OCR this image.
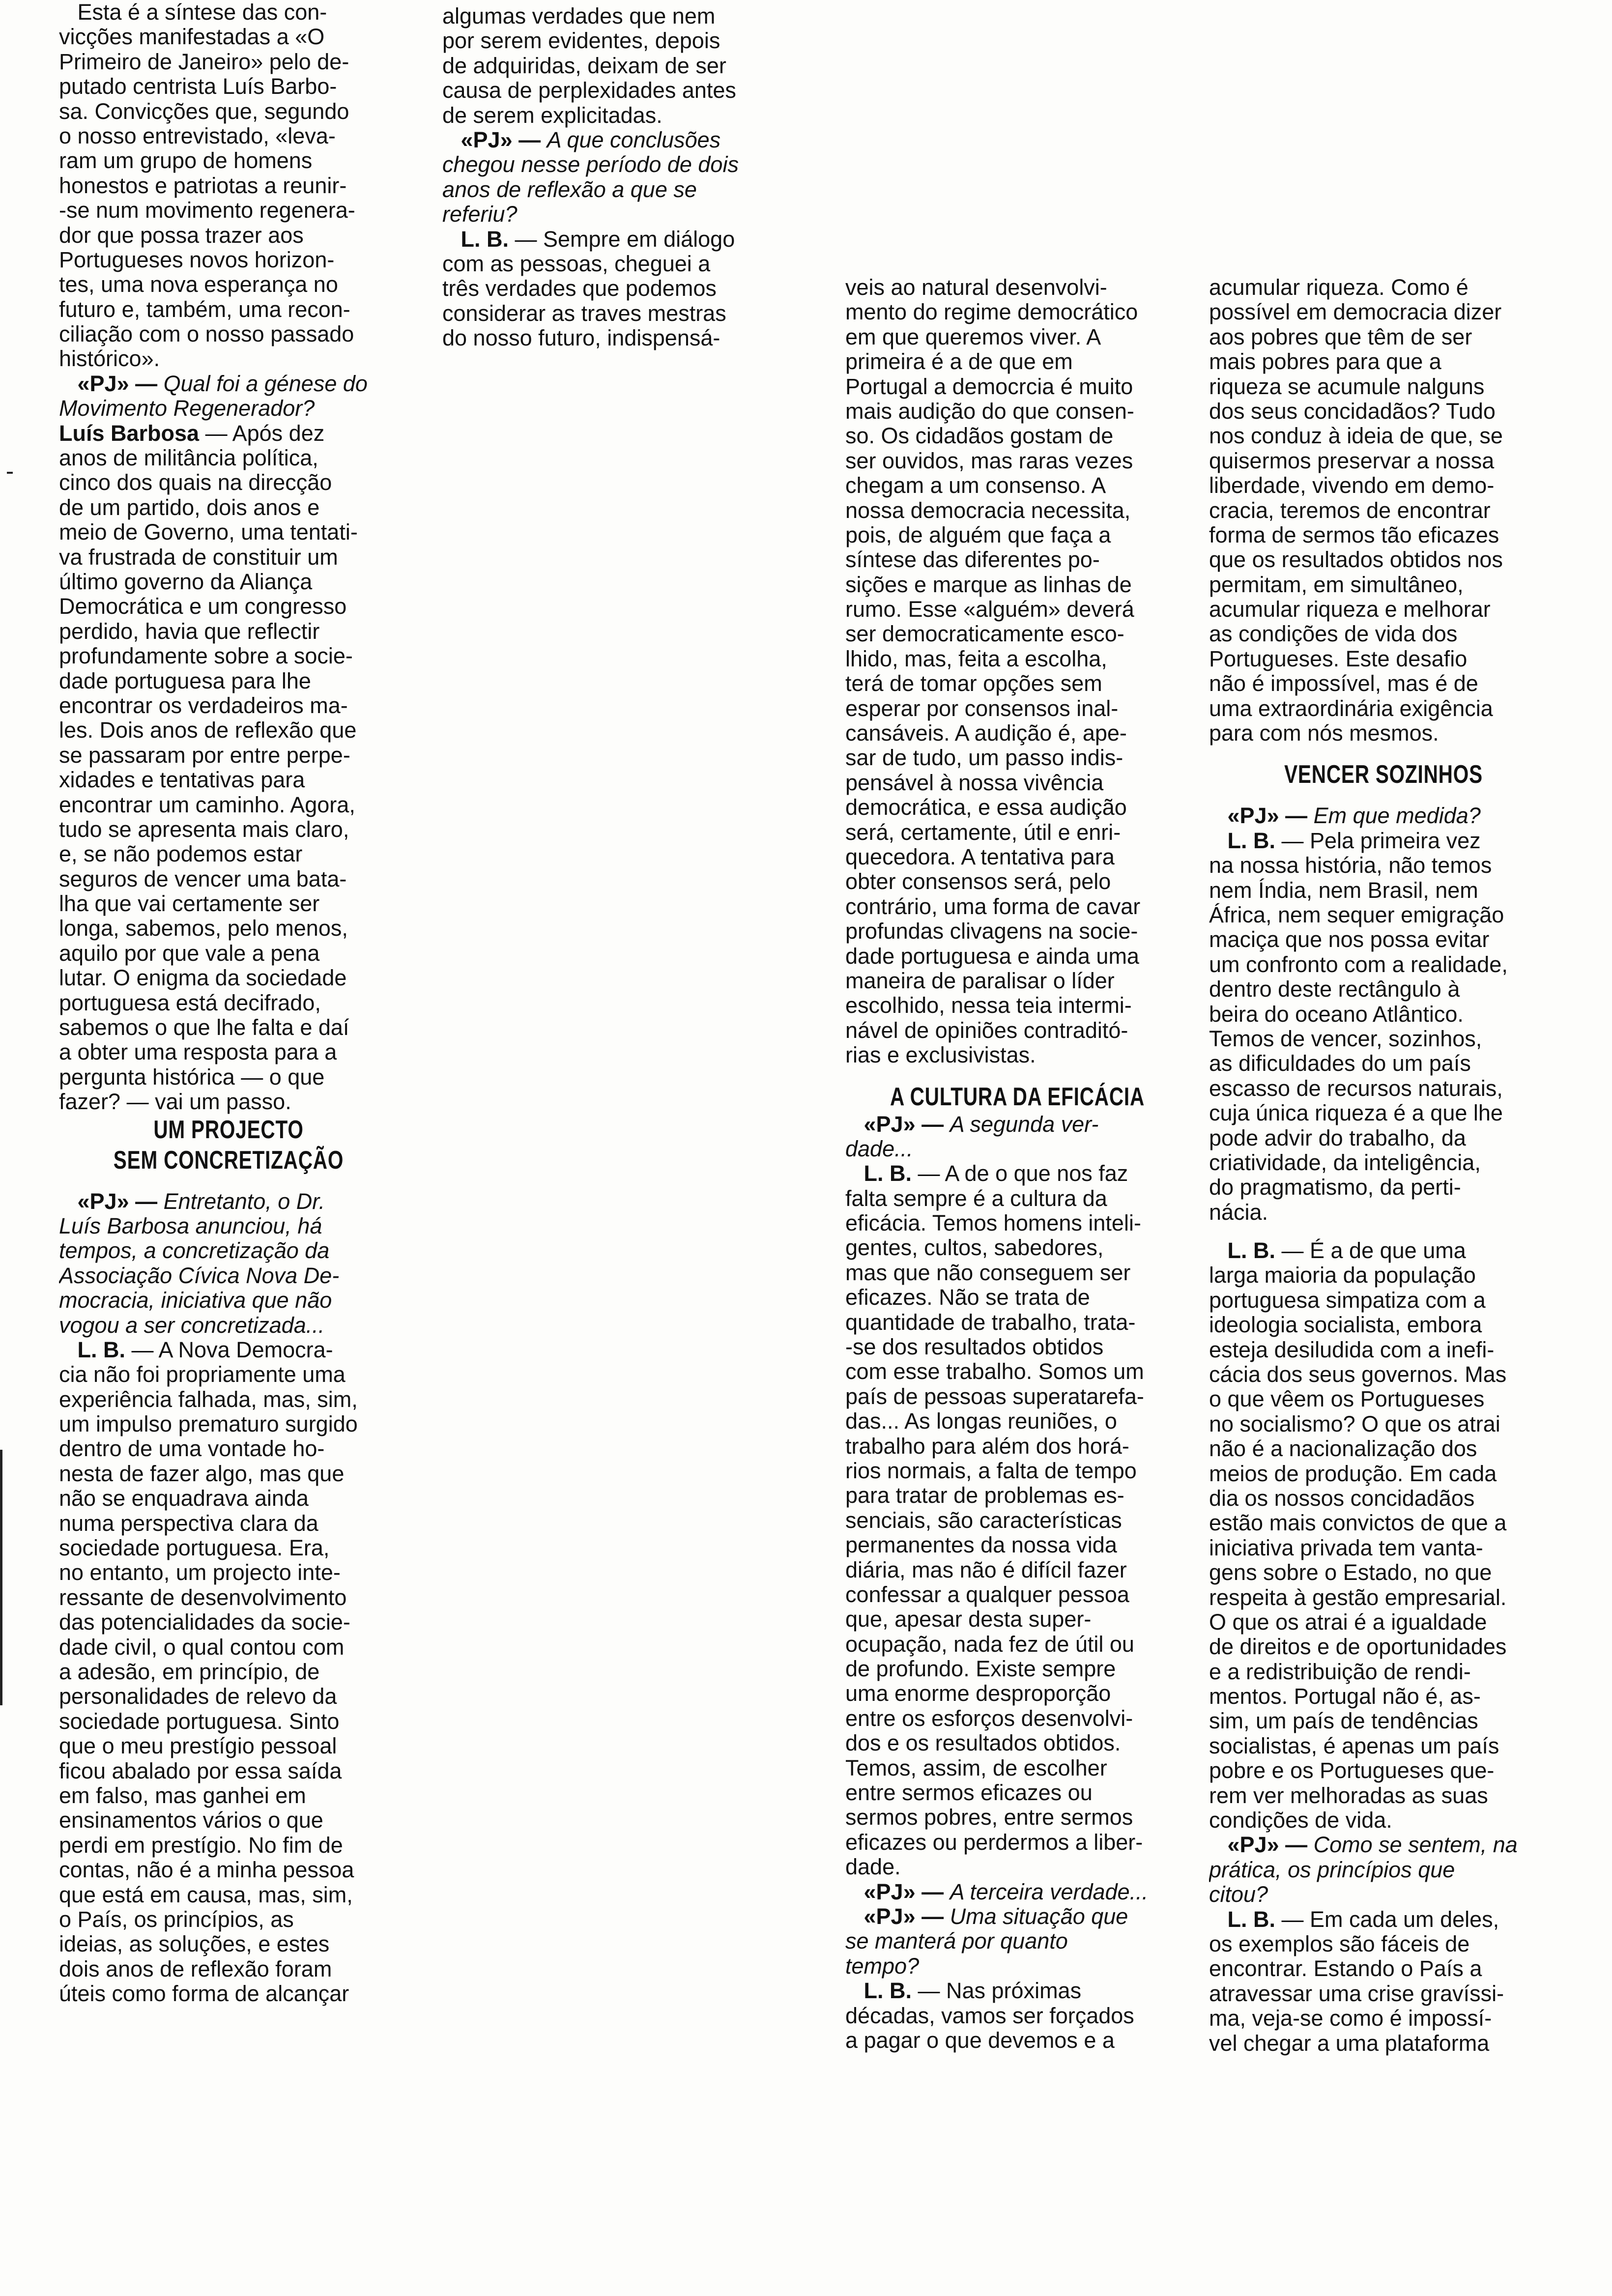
Esta é a síntese das con-
vicções manifestadas a «O
Primeiro de Janeiro» pelo de-
putado centrista Luís Barbo-
sa. Convicções que, segundo
o nosso entrevistado, «leva-
ram um grupo de homens
honestos e patriotas a reunir-
-se num movimento regenera-
dor que possa trazer aos
Portugueses novos horizon-
tes, uma nova esperança no
futuro e, também, uma recon-
ciliação com o nosso passado
histórico».
«PJ» — Qual foi a génese do
Movimento Regenerador?
Luís Barbosa — Após dez
anos de militância política,
cinco dos quais na direcção
de um partido, dois anos e
meio de Governo, uma tentati-
va frustrada de constituir um
último governo da Aliança
Democrática e um congresso
perdido, havia que reflectir
profundamente sobre a socie-
dade portuguesa para lhe
encontrar os verdadeiros ma-
les. Dois anos de reflexão que
se passaram por entre perpe-
xidades e tentativas para
encontrar um caminho. Agora,
tudo se apresenta mais claro,
e, se não podemos estar
seguros de vencer uma bata-
lha que vai certamente ser
longa, sabemos, pelo menos,
aquilo por que vale a pena
lutar. O enigma da sociedade
portuguesa está decifrado,
sabemos o que lhe falta e daí
a obter uma resposta para a
pergunta histórica — o que
fazer? — vai um passo.
UM PROJECTO
SEM CONCRETIZAÇÃO
«PJ» — Entretanto, o Dr.
Luís Barbosa anunciou, há
tempos, a concretização da
Associação Cívica Nova De-
mocracia, iniciativa que não
vogou a ser concretizada...
L. B. — A Nova Democra-
cia não foi propriamente uma
experiência falhada, mas, sim,
um impulso prematuro surgido
dentro de uma vontade ho-
nesta de fazer algo, mas que
não se enquadrava ainda
numa perspectiva clara da
sociedade portuguesa. Era,
no entanto, um projecto inte-
ressante de desenvolvimento
das potencialidades da socie-
dade civil, o qual contou com
a adesão, em princípio, de
personalidades de relevo da
sociedade portuguesa. Sinto
que o meu prestígio pessoal
ficou abalado por essa saída
em falso, mas ganhei em
ensinamentos vários o que
perdi em prestígio. No fim de
contas, não é a minha pessoa
que está em causa, mas, sim,
o País, os princípios, as
ideias, as soluções, e estes
dois anos de reflexão foram
úteis como forma de alcançar
algumas verdades que nem
por serem evidentes, depois
de adquiridas, deixam de ser
causa de perplexidades antes
de serem explicitadas.
«PJ» — A que conclusões
chegou nesse período de dois
anos de reflexão a que se
referiu?
L. B. — Sempre em diálogo
com as pessoas, cheguei a
três verdades que podemos
considerar as traves mestras
do nosso futuro, indispensá-
veis ao natural desenvolvi-
mento do regime democrático
em que queremos viver. A
primeira é a de que em
Portugal a democrcia é muito
mais audição do que consen-
so. Os cidadãos gostam de
ser ouvidos, mas raras vezes
chegam a um consenso. A
nossa democracia necessita,
pois, de alguém que faça a
síntese das diferentes po-
sições e marque as linhas de
rumo. Esse «alguém» deverá
ser democraticamente esco-
lhido, mas, feita a escolha,
terá de tomar opções sem
esperar por consensos inal-
cansáveis. A audição é, ape-
sar de tudo, um passo indis-
pensável à nossa vivência
democrática, e essa audição
será, certamente, útil e enri-
quecedora. A tentativa para
obter consensos será, pelo
contrário, uma forma de cavar
profundas clivagens na socie-
dade portuguesa e ainda uma
maneira de paralisar o líder
escolhido, nessa teia intermi-
nável de opiniões contraditó-
rias e exclusivistas.
A CULTURA DA EFICÁCIA
«PJ» — A segunda ver-
dade...
L. B. — A de o que nos faz
falta sempre é a cultura da
eficácia. Temos homens inteli-
gentes, cultos, sabedores,
mas que não conseguem ser
eficazes. Não se trata de
quantidade de trabalho, trata-
-se dos resultados obtidos
com esse trabalho. Somos um
país de pessoas superatarefa-
das... As longas reuniões, o
trabalho para além dos horá-
rios normais, a falta de tempo
para tratar de problemas es-
senciais, são características
permanentes da nossa vida
diária, mas não é difícil fazer
confessar a qualquer pessoa
que, apesar desta super-
ocupação, nada fez de útil ou
de profundo. Existe sempre
uma enorme desproporção
entre os esforços desenvolvi-
dos e os resultados obtidos.
Temos, assim, de escolher
entre sermos eficazes ou
sermos pobres, entre sermos
eficazes ou perdermos a liber-
dade.
«PJ» — A terceira verdade...
«PJ» — Uma situação que
se manterá por quanto
tempo?
L. B. — Nas próximas
décadas, vamos ser forçados
a pagar o que devemos e a
acumular riqueza. Como é
possível em democracia dizer
aos pobres que têm de ser
mais pobres para que a
riqueza se acumule nalguns
dos seus concidadãos? Tudo
nos conduz à ideia de que, se
quisermos preservar a nossa
liberdade, vivendo em demo-
cracia, teremos de encontrar
forma de sermos tão eficazes
que os resultados obtidos nos
permitam, em simultâneo,
acumular riqueza e melhorar
as condições de vida dos
Portugueses. Este desafio
não é impossível, mas é de
uma extraordinária exigência
para com nós mesmos.
VENCER SOZINHOS
«PJ» — Em que medida?
L. B. — Pela primeira vez
na nossa história, não temos
nem Índia, nem Brasil, nem
África, nem sequer emigração
maciça que nos possa evitar
um confronto com a realidade,
dentro deste rectângulo à
beira do oceano Atlântico.
Temos de vencer, sozinhos,
as dificuldades do um país
escasso de recursos naturais,
cuja única riqueza é a que lhe
pode advir do trabalho, da
criatividade, da inteligência,
do pragmatismo, da perti-
nácia.
L. B. — É a de que uma
larga maioria da população
portuguesa simpatiza com a
ideologia socialista, embora
esteja desiludida com a inefi-
cácia dos seus governos. Mas
o que vêem os Portugueses
no socialismo? O que os atrai
não é a nacionalização dos
meios de produção. Em cada
dia os nossos concidadãos
estão mais convictos de que a
iniciativa privada tem vanta-
gens sobre o Estado, no que
respeita à gestão empresarial.
O que os atrai é a igualdade
de direitos e de oportunidades
e a redistribuição de rendi-
mentos. Portugal não é, as-
sim, um país de tendências
socialistas, é apenas um país
pobre e os Portugueses que-
rem ver melhoradas as suas
condições de vida.
«PJ» — Como se sentem, na
prática, os princípios que
citou?
L. B. — Em cada um deles,
os exemplos são fáceis de
encontrar. Estando o País a
atravessar uma crise gravíssi-
ma, veja-se como é impossí-
vel chegar a uma plataforma
